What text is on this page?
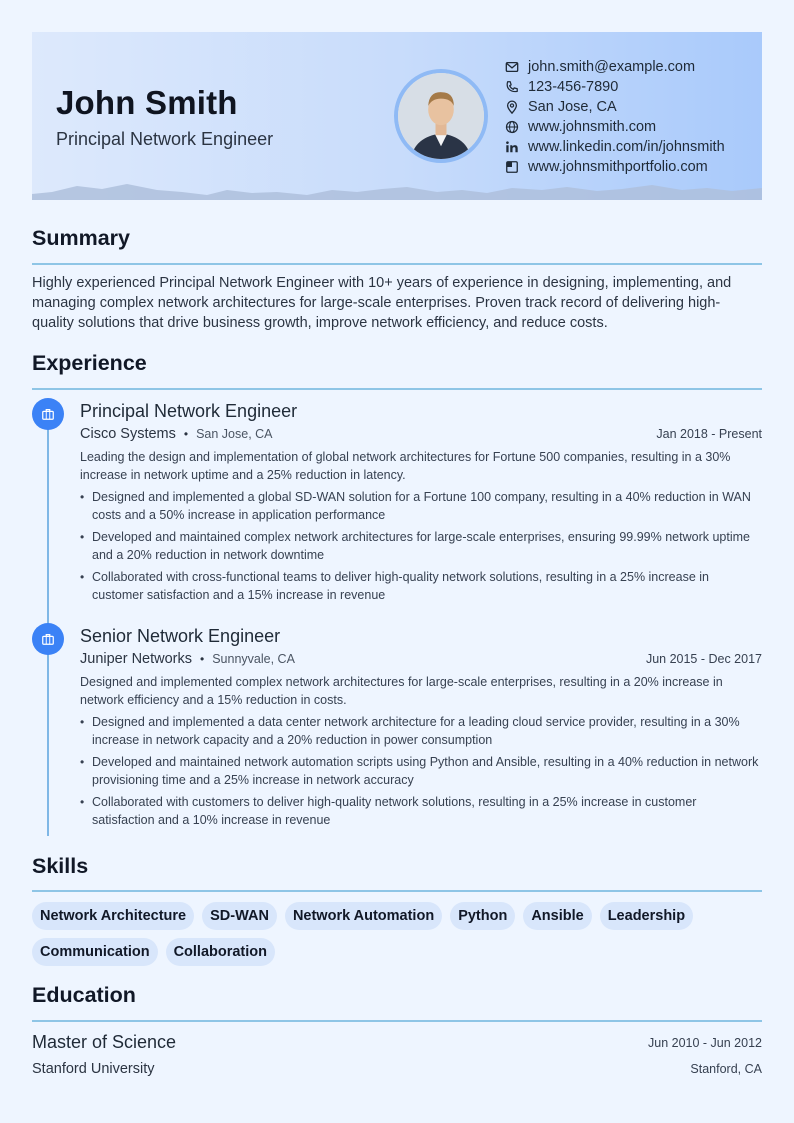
John Smith
Principal Network Engineer
john.smith@example.com
123-456-7890
San Jose, CA
www.johnsmith.com
www.linkedin.com/in/johnsmith
www.johnsmithportfolio.com
Summary
Highly experienced Principal Network Engineer with 10+ years of experience in designing, implementing, and managing complex network architectures for large-scale enterprises. Proven track record of delivering high-quality solutions that drive business growth, improve network efficiency, and reduce costs.
Experience
Principal Network Engineer
Cisco Systems • San Jose, CA	Jan 2018 - Present
Leading the design and implementation of global network architectures for Fortune 500 companies, resulting in a 30% increase in network uptime and a 25% reduction in latency.
• Designed and implemented a global SD-WAN solution for a Fortune 100 company, resulting in a 40% reduction in WAN costs and a 50% increase in application performance
• Developed and maintained complex network architectures for large-scale enterprises, ensuring 99.99% network uptime and a 20% reduction in network downtime
• Collaborated with cross-functional teams to deliver high-quality network solutions, resulting in a 25% increase in customer satisfaction and a 15% increase in revenue
Senior Network Engineer
Juniper Networks • Sunnyvale, CA	Jun 2015 - Dec 2017
Designed and implemented complex network architectures for large-scale enterprises, resulting in a 20% increase in network efficiency and a 15% reduction in costs.
• Designed and implemented a data center network architecture for a leading cloud service provider, resulting in a 30% increase in network capacity and a 20% reduction in power consumption
• Developed and maintained network automation scripts using Python and Ansible, resulting in a 40% reduction in network provisioning time and a 25% increase in network accuracy
• Collaborated with customers to deliver high-quality network solutions, resulting in a 25% increase in customer satisfaction and a 10% increase in revenue
Skills
Network Architecture	SD-WAN	Network Automation	Python	Ansible	Leadership
Communication	Collaboration
Education
Master of Science	Jun 2010 - Jun 2012
Stanford University	Stanford, CA
